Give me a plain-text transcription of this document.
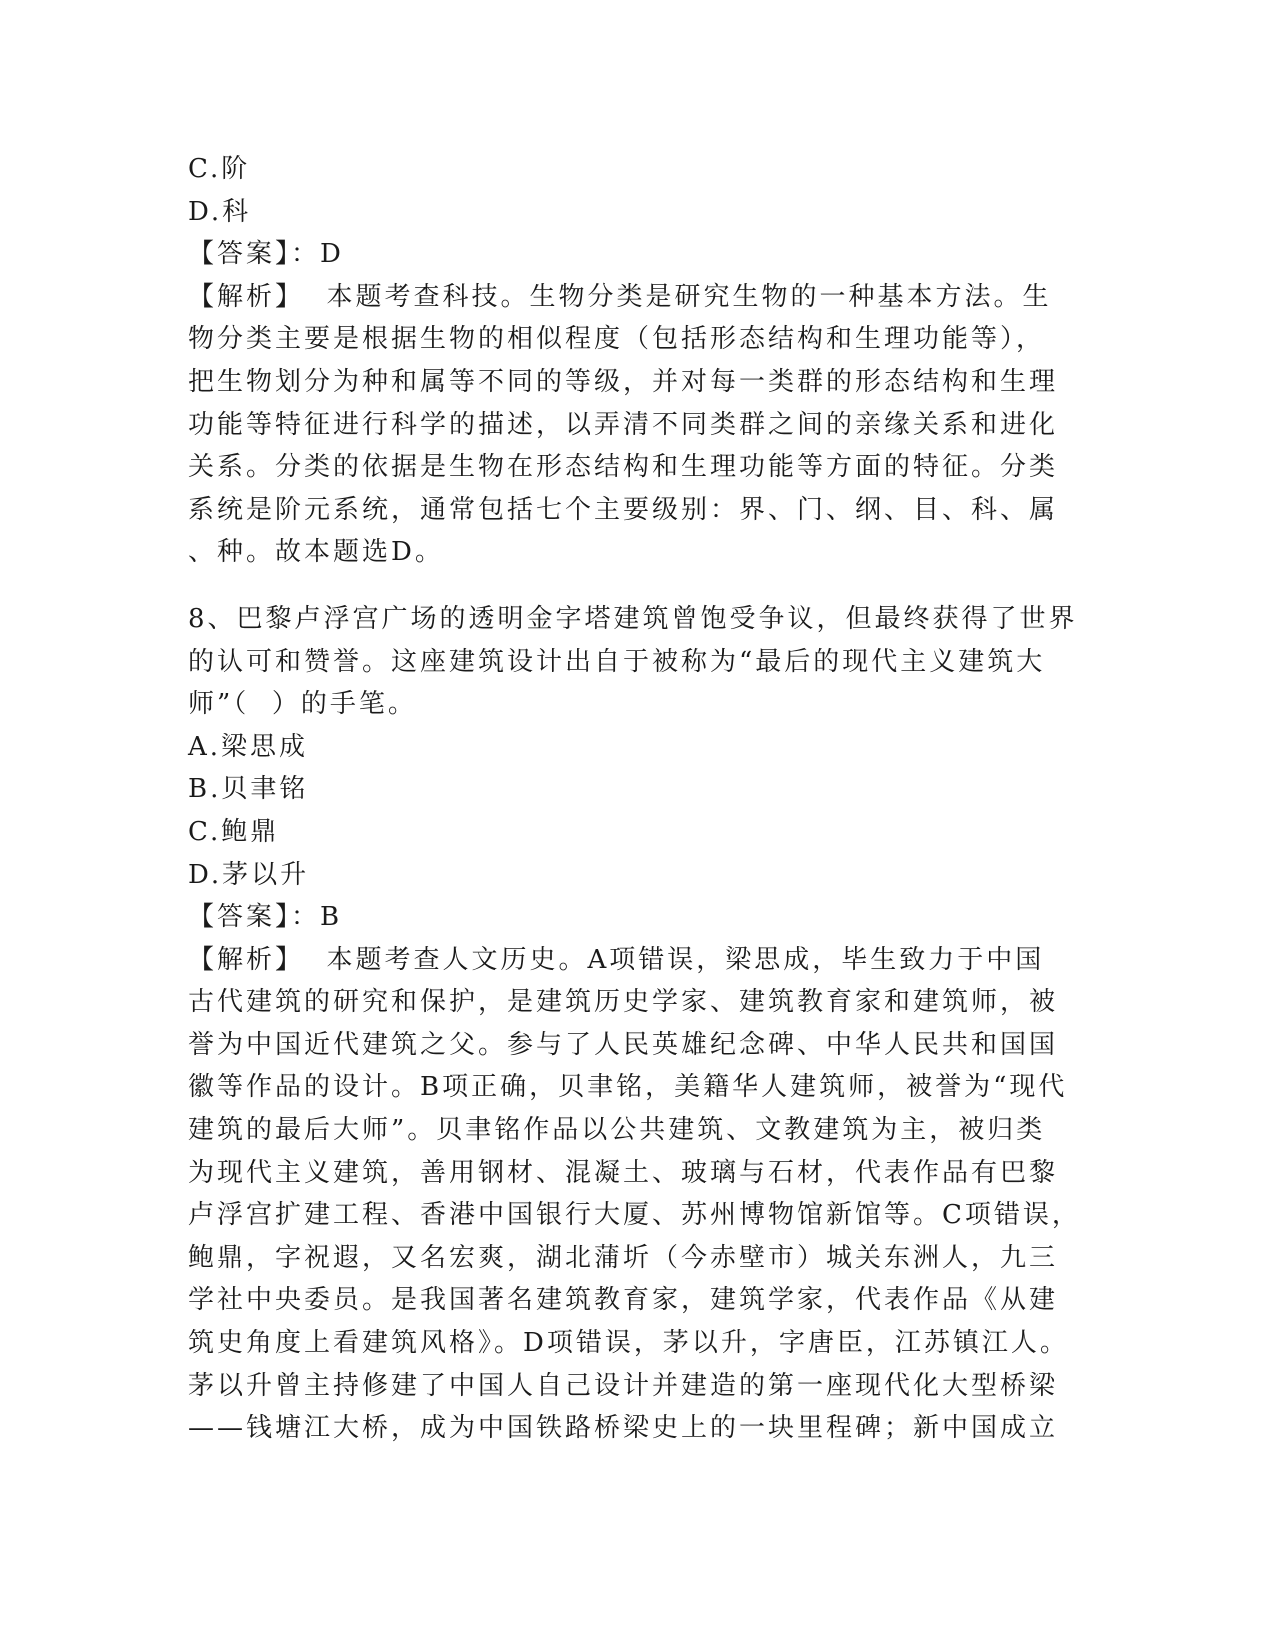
C.阶
D.科
【答案】：D
【解析】  本题考查科技。生物分类是研究生物的一种基本方法。生
物分类主要是根据生物的相似程度（包括形态结构和生理功能等），
把生物划分为种和属等不同的等级，并对每一类群的形态结构和生理
功能等特征进行科学的描述，以弄清不同类群之间的亲缘关系和进化
关系。分类的依据是生物在形态结构和生理功能等方面的特征。分类
系统是阶元系统，通常包括七个主要级别：界、门、纲、目、科、属
、种。故本题选D。
8、巴黎卢浮宫广场的透明金字塔建筑曾饱受争议，但最终获得了世界
的认可和赞誉。这座建筑设计出自于被称为“最后的现代主义建筑大
师”（  ）的手笔。
A.梁思成
B.贝聿铭
C.鲍鼎
D.茅以升
【答案】：B
【解析】  本题考查人文历史。A项错误，梁思成，毕生致力于中国
古代建筑的研究和保护，是建筑历史学家、建筑教育家和建筑师，被
誉为中国近代建筑之父。参与了人民英雄纪念碑、中华人民共和国国
徽等作品的设计。B项正确，贝聿铭，美籍华人建筑师，被誉为“现代
建筑的最后大师”。贝聿铭作品以公共建筑、文教建筑为主，被归类
为现代主义建筑，善用钢材、混凝土、玻璃与石材，代表作品有巴黎
卢浮宫扩建工程、香港中国银行大厦、苏州博物馆新馆等。C项错误，
鲍鼎，字祝遐，又名宏爽，湖北蒲圻（今赤壁市）城关东洲人，九三
学社中央委员。是我国著名建筑教育家，建筑学家，代表作品《从建
筑史角度上看建筑风格》。D项错误，茅以升，字唐臣，江苏镇江人。
茅以升曾主持修建了中国人自己设计并建造的第一座现代化大型桥梁
——钱塘江大桥，成为中国铁路桥梁史上的一块里程碑；新中国成立
